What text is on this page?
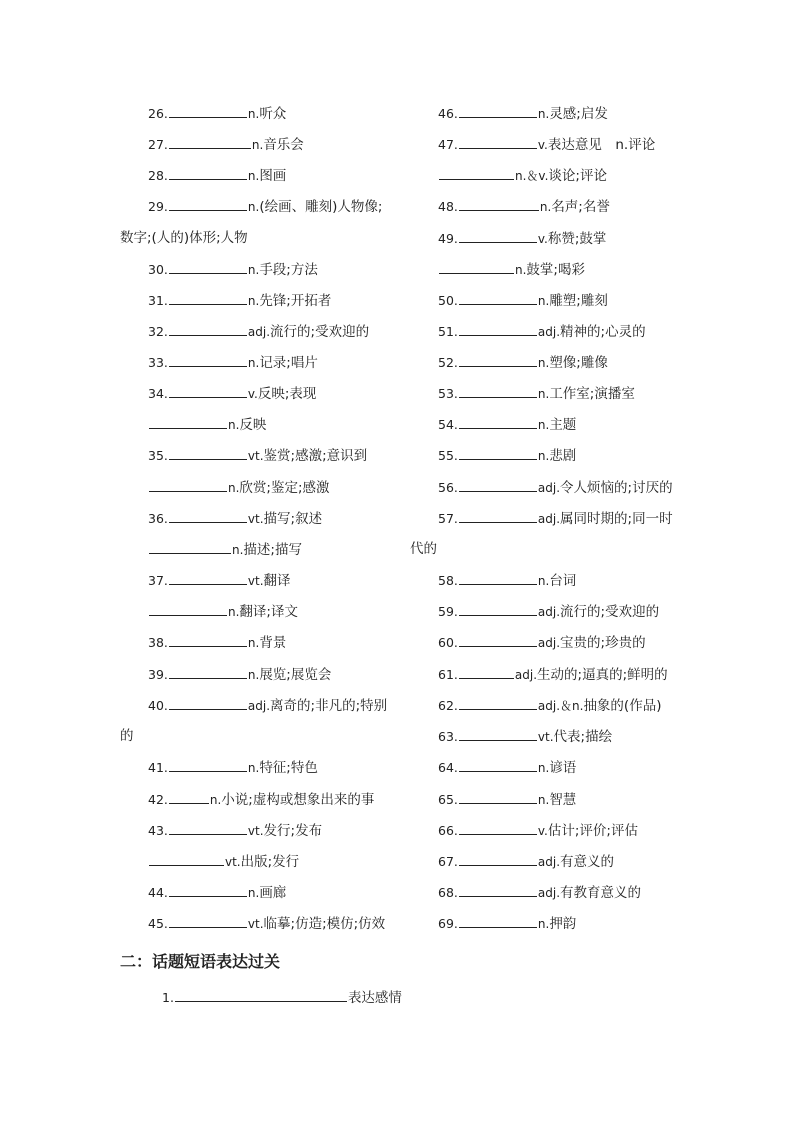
26.	n.听众
27.	n.音乐会
28.	n.图画
29.	n.(绘画、雕刻)人物像;
数字;(人的)体形;人物
30.	n.手段;方法
31.	n.先锋;开拓者
32.	adj.流行的;受欢迎的
33.	n.记录;唱片
34.	v.反映;表现
n.反映
35.	vt.鉴赏;感激;意识到
n.欣赏;鉴定;感激
36.	vt.描写;叙述
n.描述;描写
37.	vt.翻译
n.翻译;译文
38.	n.背景
39.	n.展览;展览会
40.	adj.离奇的;非凡的;特别
的
41.	n.特征;特色
42.	n.小说;虚构或想象出来的事
43.	vt.发行;发布
vt.出版;发行
44.	n.画廊
45.	vt.临摹;仿造;模仿;仿效
46.	n.灵感;启发
47.	v.表达意见　n.评论
n.＆v.谈论;评论
48.	n.名声;名誉
49.	v.称赞;鼓掌
n.鼓掌;喝彩
50.	n.雕塑;雕刻
51.	adj.精神的;心灵的
52.	n.塑像;雕像
53.	n.工作室;演播室
54.	n.主题
55.	n.悲剧
56.	adj.令人烦恼的;讨厌的
57.	adj.属同时期的;同一时
代的
58.	n.台词
59.	adj.流行的;受欢迎的
60.	adj.宝贵的;珍贵的
61.	adj.生动的;逼真的;鲜明的
62.	adj.＆n.抽象的(作品)
63.	vt.代表;描绘
64.	n.谚语
65.	n.智慧
66.	v.估计;评价;评估
67.	adj.有意义的
68.	adj.有教育意义的
69.	n.押韵
二：话题短语表达过关
1.	表达感情
